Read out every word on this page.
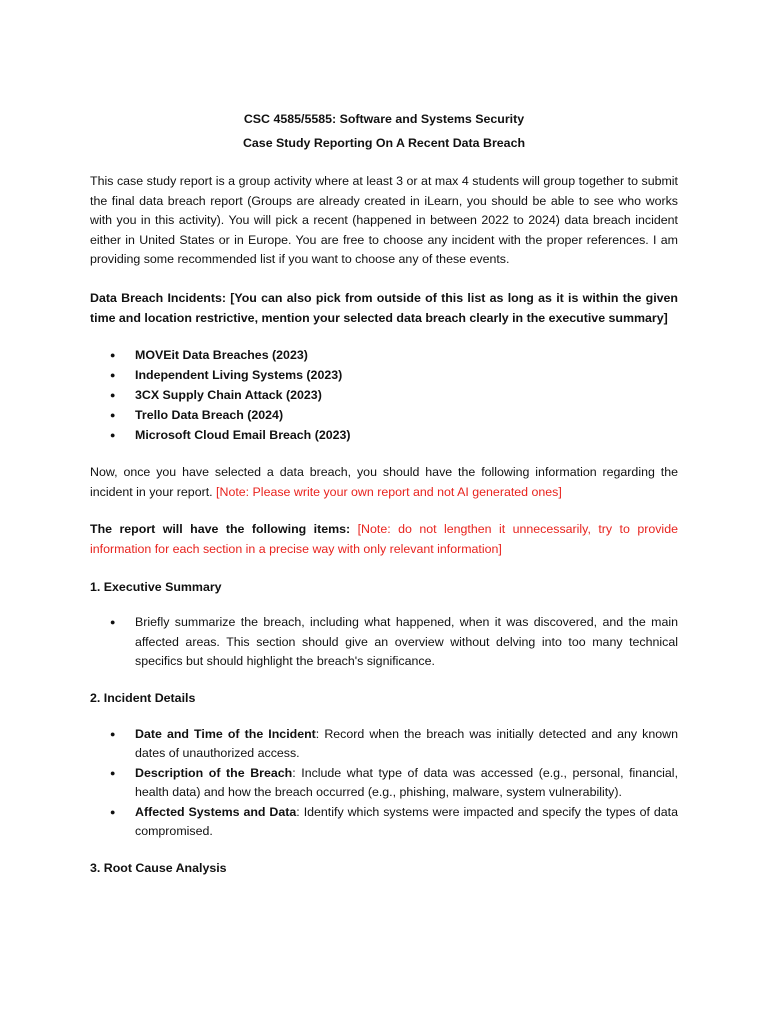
CSC 4585/5585: Software and Systems Security

Case Study Reporting On A Recent Data Breach

This case study report is a group activity where at least 3 or at max 4 students will group together to submit the final data breach report (Groups are already created in iLearn, you should be able to see who works with you in this activity). You will pick a recent (happened in between 2022 to 2024) data breach incident either in United States or in Europe. You are free to choose any incident with the proper references. I am providing some recommended list if you want to choose any of these events.

Data Breach Incidents: [You can also pick from outside of this list as long as it is within the given time and location restrictive, mention your selected data breach clearly in the executive summary]

● MOVEit Data Breaches (2023)
● Independent Living Systems (2023)
● 3CX Supply Chain Attack (2023)
● Trello Data Breach (2024)
● Microsoft Cloud Email Breach (2023)

Now, once you have selected a data breach, you should have the following information regarding the incident in your report. [Note: Please write your own report and not AI generated ones]

The report will have the following items: [Note: do not lengthen it unnecessarily, try to provide information for each section in a precise way with only relevant information]

1. Executive Summary

● Briefly summarize the breach, including what happened, when it was discovered, and the main affected areas. This section should give an overview without delving into too many technical specifics but should highlight the breach's significance.

2. Incident Details

● Date and Time of the Incident: Record when the breach was initially detected and any known dates of unauthorized access.
● Description of the Breach: Include what type of data was accessed (e.g., personal, financial, health data) and how the breach occurred (e.g., phishing, malware, system vulnerability).
● Affected Systems and Data: Identify which systems were impacted and specify the types of data compromised.

3. Root Cause Analysis
